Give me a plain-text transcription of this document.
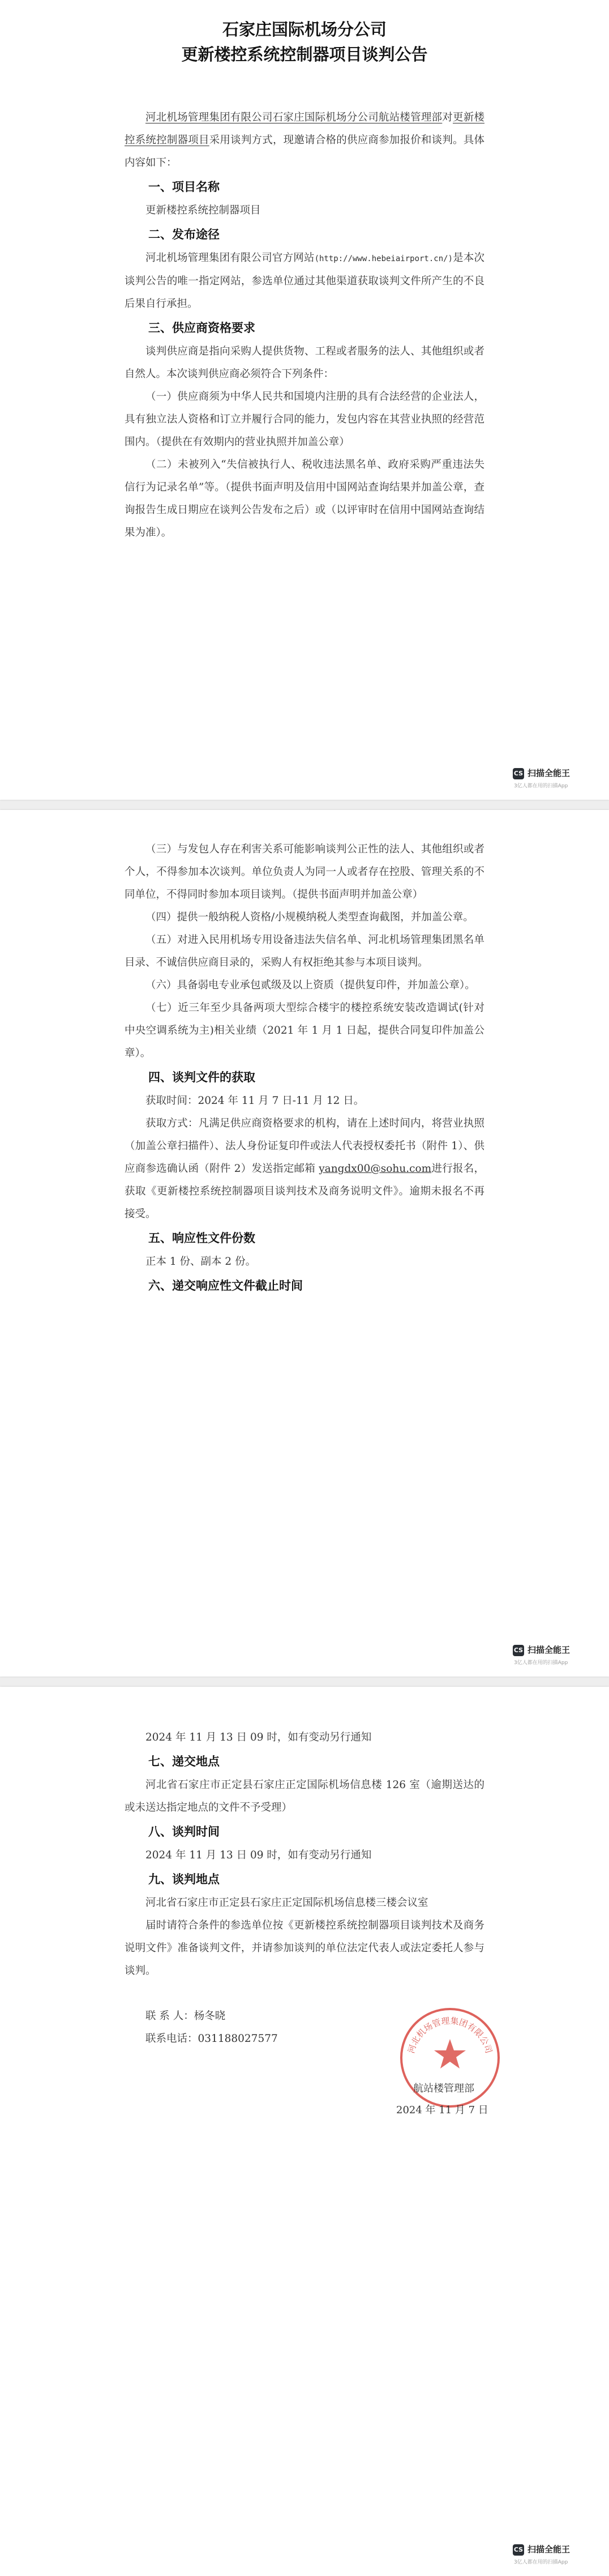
石家庄国际机场分公司
更新楼控系统控制器项目谈判公告

河北机场管理集团有限公司石家庄国际机场分公司航站楼管理部对更新楼控系统控制器项目采用谈判方式，现邀请合格的供应商参加报价和谈判。具体内容如下：

一、项目名称

更新楼控系统控制器项目

二、发布途径

河北机场管理集团有限公司官方网站(http://www.hebeiairport.cn/)是本次谈判公告的唯一指定网站，参选单位通过其他渠道获取谈判文件所产生的不良后果自行承担。

三、供应商资格要求

谈判供应商是指向采购人提供货物、工程或者服务的法人、其他组织或者自然人。本次谈判供应商必须符合下列条件：

（一）供应商须为中华人民共和国境内注册的具有合法经营的企业法人，具有独立法人资格和订立并履行合同的能力，发包内容在其营业执照的经营范围内。（提供在有效期内的营业执照并加盖公章）

（二）未被列入“失信被执行人、税收违法黑名单、政府采购严重违法失信行为记录名单”等。（提供书面声明及信用中国网站查询结果并加盖公章，查询报告生成日期应在谈判公告发布之后）或（以评审时在信用中国网站查询结果为准）。

CS 扫描全能王
3亿人都在用的扫描App

（三）与发包人存在利害关系可能影响谈判公正性的法人、其他组织或者个人，不得参加本次谈判。单位负责人为同一人或者存在控股、管理关系的不同单位，不得同时参加本项目谈判。（提供书面声明并加盖公章）

（四）提供一般纳税人资格/小规模纳税人类型查询截图，并加盖公章。

（五）对进入民用机场专用设备违法失信名单、河北机场管理集团黑名单目录、不诚信供应商目录的，采购人有权拒绝其参与本项目谈判。

（六）具备弱电专业承包贰级及以上资质（提供复印件，并加盖公章）。

（七）近三年至少具备两项大型综合楼宇的楼控系统安装改造调试(针对中央空调系统为主)相关业绩（2021 年 1 月 1 日起，提供合同复印件加盖公章）。

四、谈判文件的获取

获取时间：2024 年 11 月 7 日-11 月 12 日。

获取方式：凡满足供应商资格要求的机构，请在上述时间内，将营业执照（加盖公章扫描件）、法人身份证复印件或法人代表授权委托书（附件 1）、供应商参选确认函（附件 2）发送指定邮箱 yangdx00@sohu.com进行报名，获取《更新楼控系统控制器项目谈判技术及商务说明文件》。逾期未报名不再接受。

五、响应性文件份数

正本 1 份、副本 2 份。

六、递交响应性文件截止时间
CS 扫描全能王
3亿人都在用的扫描App

2024 年 11 月 13 日 09 时，如有变动另行通知

七、递交地点

河北省石家庄市正定县石家庄正定国际机场信息楼 126 室（逾期送达的或未送达指定地点的文件不予受理）

八、谈判时间

2024 年 11 月 13 日 09 时，如有变动另行通知

九、谈判地点

河北省石家庄市正定县石家庄正定国际机场信息楼三楼会议室

届时请符合条件的参选单位按《更新楼控系统控制器项目谈判技术及商务说明文件》准备谈判文件，并请参加谈判的单位法定代表人或法定委托人参与谈判。

联 系 人：杨冬晓

联系电话：031188027577

河北机场管理集团有限公司
航站楼管理部
2024 年 11 月 7 日
CS 扫描全能王
3亿人都在用的扫描App
